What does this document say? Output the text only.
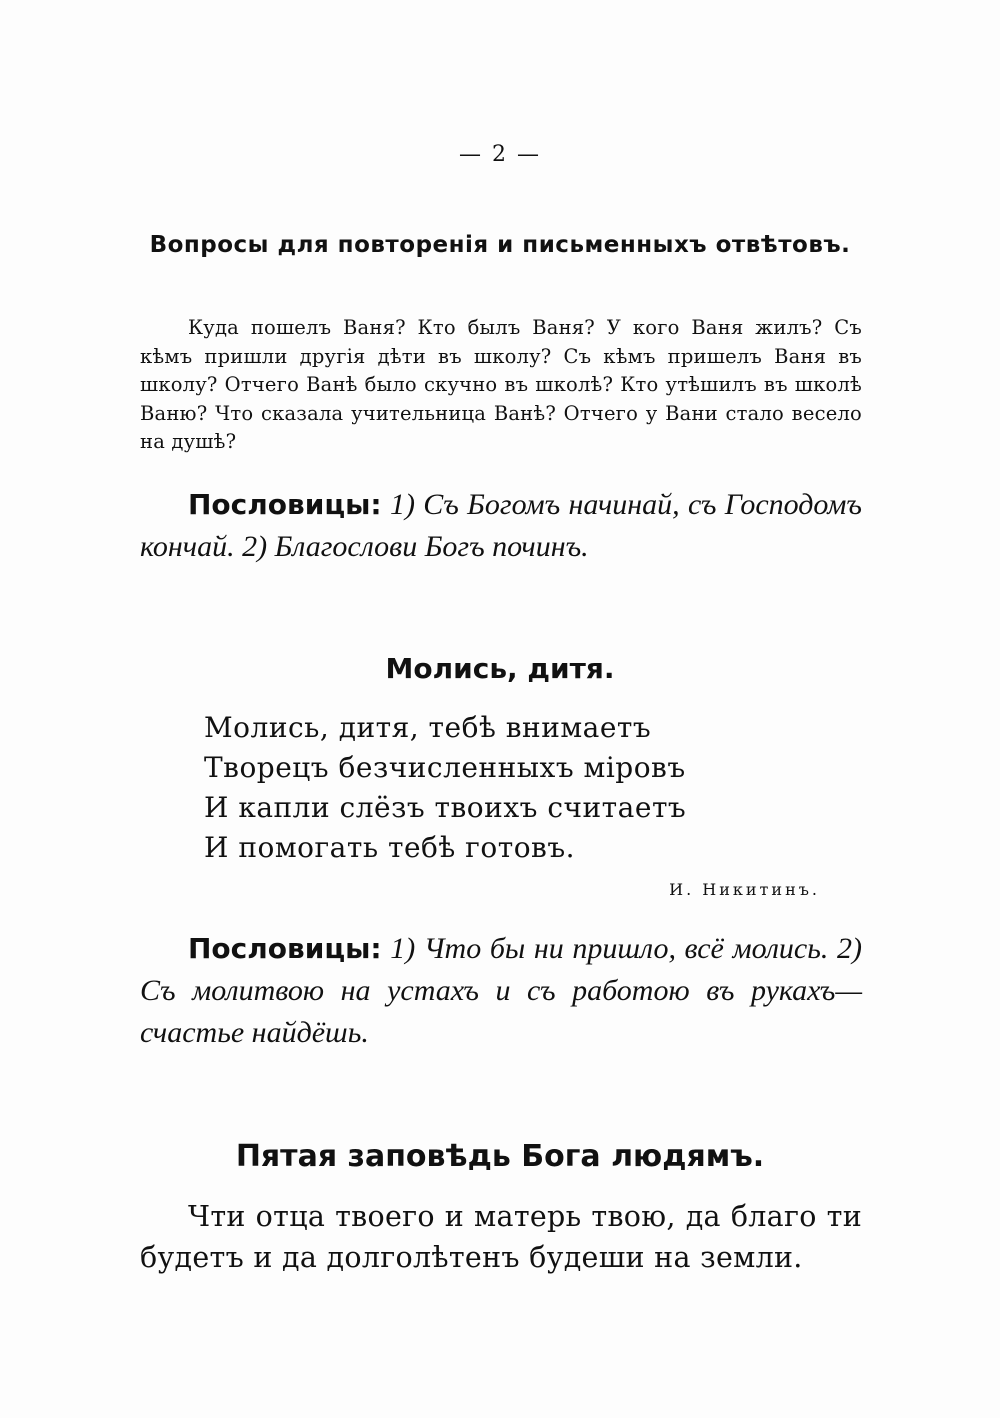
— 2 —
Вопросы для повторенія и письменныхъ отвѣтовъ.
Куда пошелъ Ваня? Кто былъ Ваня? У кого Ваня жилъ? Съ кѣмъ пришли другія дѣти въ школу? Съ кѣмъ пришелъ Ваня въ школу? Отчего Ванѣ было скучно въ школѣ? Кто утѣшилъ въ школѣ Ваню? Что сказала учительница Ванѣ? Отчего у Вани стало весело на душѣ?
Пословицы: 1) Съ Богомъ начинай, съ Господомъ кончай. 2) Благослови Богъ починъ.
Молись, дитя.
Молись, дитя, тебѣ внимаетъ
Творецъ безчисленныхъ міровъ
И капли слёзъ твоихъ считаетъ
И помогать тебѣ готовъ.
И. Никитинъ.
Пословицы: 1) Что бы ни пришло, всё молись. 2) Съ молитвою на устахъ и съ работою въ рукахъ—счастье найдёшь.
Пятая заповѣдь Бога людямъ.
Чти отца твоего и матерь твою, да благо ти будетъ и да долголѣтенъ будеши на земли.
